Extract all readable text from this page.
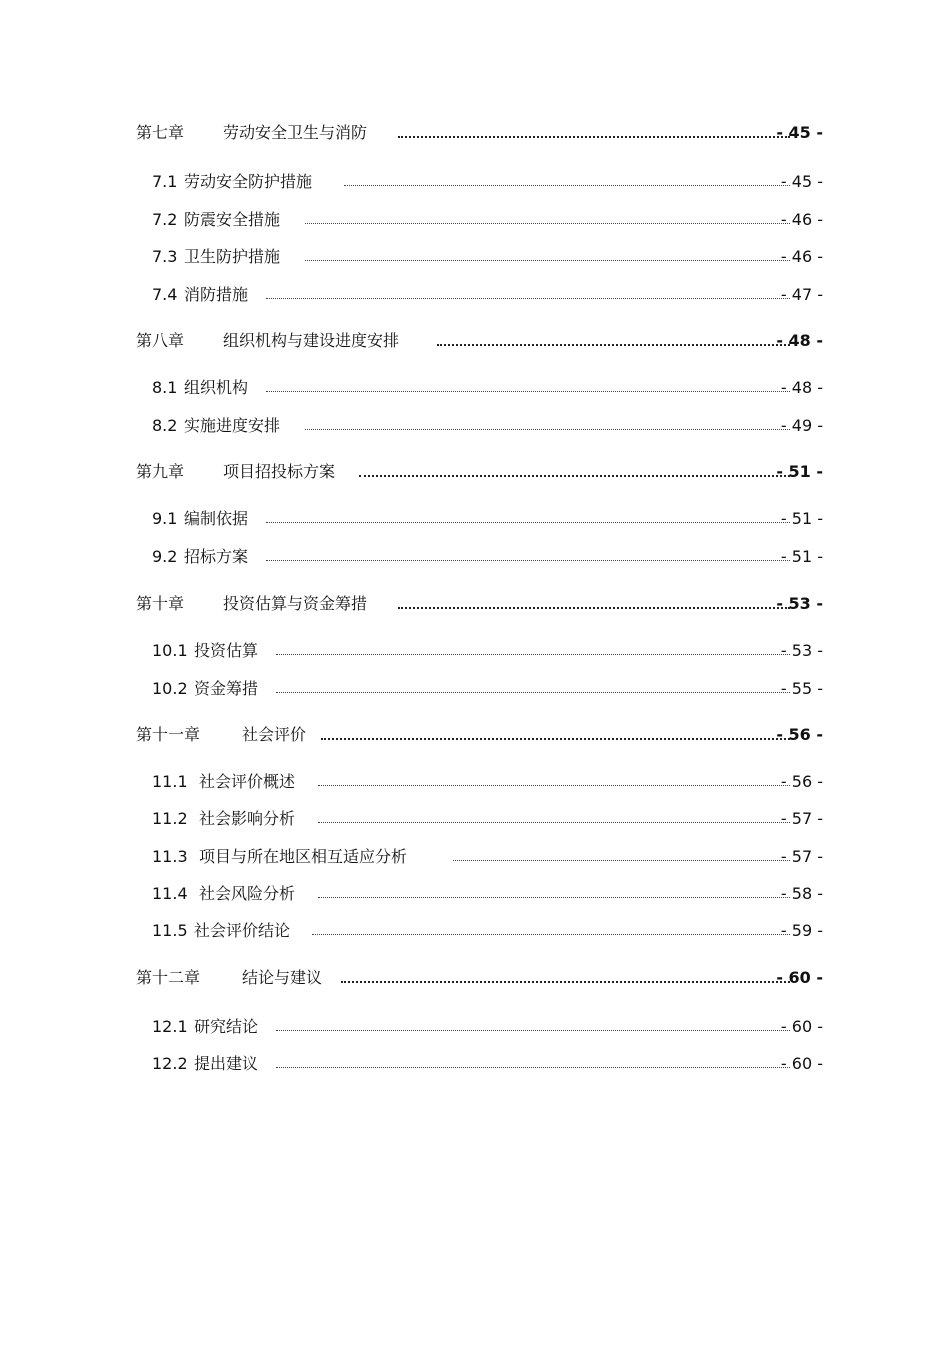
第七章 劳动安全卫生与消防	- 45 -
7.1 劳动安全防护措施	- 45 -
7.2 防震安全措施	- 46 -
7.3 卫生防护措施	- 46 -
7.4 消防措施	- 47 -
第八章 组织机构与建设进度安排	- 48 -
8.1 组织机构	- 48 -
8.2 实施进度安排	- 49 -
第九章 项目招投标方案	- 51 -
9.1 编制依据	- 51 -
9.2 招标方案	- 51 -
第十章 投资估算与资金筹措	- 53 -
10.1 投资估算	- 53 -
10.2 资金筹措	- 55 -
第十一章	社会评价	- 56 -
11.1 社会评价概述	- 56 -
11.2 社会影响分析	- 57 -
11.3 项目与所在地区相互适应分析	- 57 -
11.4 社会风险分析	- 58 -
11.5 社会评价结论	- 59 -
第十二章	结论与建议	- 60 -
12.1 研究结论	- 60 -
12.2 提出建议	- 60 -
